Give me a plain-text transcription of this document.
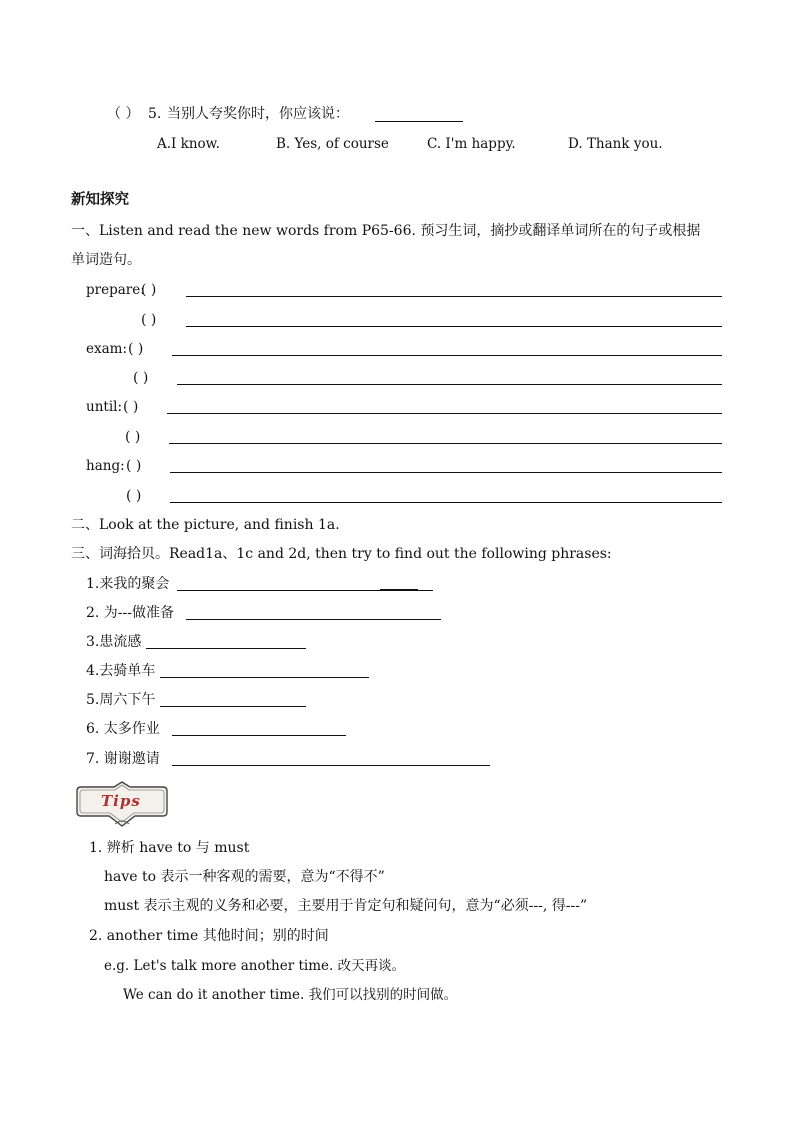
（ ） 5. 当别人夸奖你时，你应该说：
A.I know.	B. Yes, of course	C. I'm happy.	D. Thank you.
新知探究
一、Listen and read the new words from P65-66. 预习生词，摘抄或翻译单词所在的句子或根据
单词造句。
prepare:
( )
( )
exam: ( )
( )
until: ( )
( )
hang: ( )
( )
二、Look at the picture, and finish 1a.
三、词海拾贝。Read1a、1c and 2d, then try to find out the following phrases:
1.来我的聚会
2. 为---做准备
3.患流感
4.去骑单车
5.周六下午
6. 太多作业
7. 谢谢邀请
Tips
1. 辨析 have to 与 must
have to 表示一种客观的需要，意为“不得不”
must 表示主观的义务和必要，主要用于肯定句和疑问句，意为“必须---, 得---”
2. another time 其他时间；别的时间
e.g. Let's talk more another time. 改天再谈。
We can do it another time. 我们可以找别的时间做。
